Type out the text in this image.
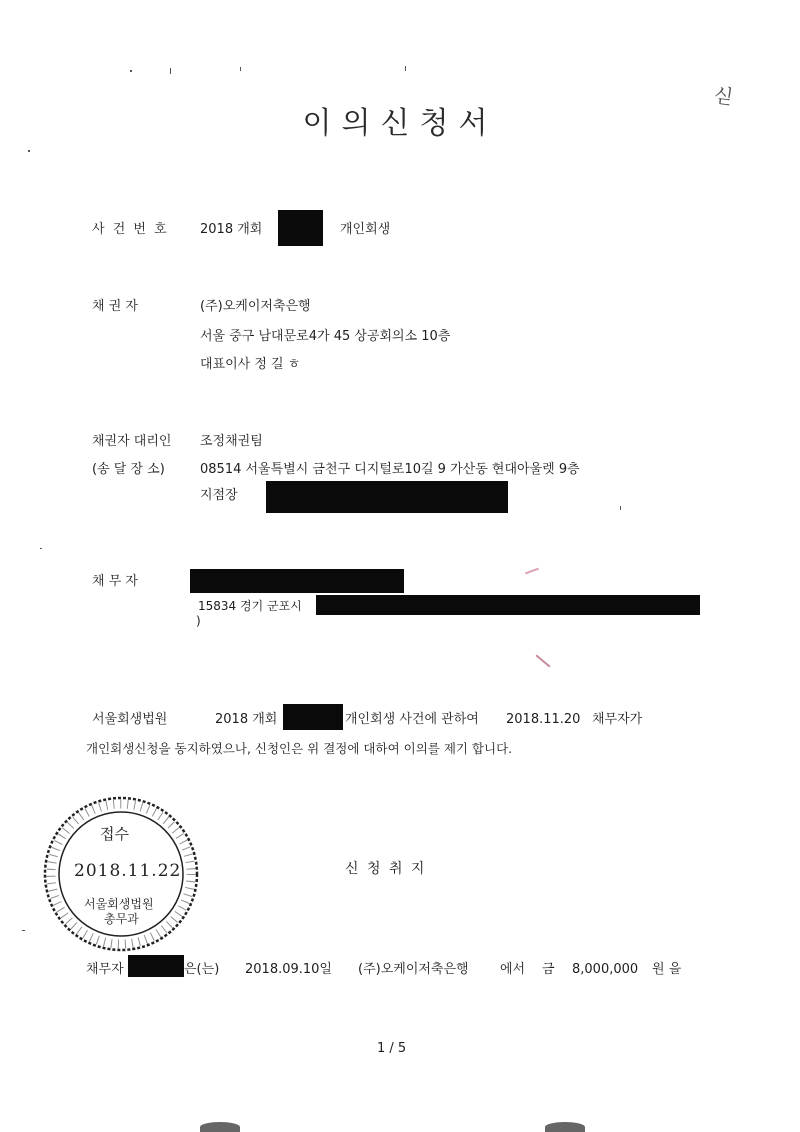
싣
이의신청서
사 건 번 호 2018 개회	개인회생
채 권 자	(주)오케이저축은행
서울 중구 남대문로4가 45 상공회의소 10층
대표이사 정 길 ㅎ
채권자 대리인 조정채권팀
(송 달 장 소)	08514 서울특별시 금천구 디지털로10길 9 가산동 현대아울렛 9층
지점장
채 무 자
15834 경기 군포시
)
서울회생법원	2018 개회	개인회생 사건에 관하여 2018.11.20 채무자가
개인회생신청을 동지하였으나, 신청인은 위 결정에 대하여 이의를 제기 합니다.
접수
2018.11.22
서울회생법원
총무과
신 청 취 지
채무자	은(는) 2018.09.10일 (주)오케이저축은행 에서 금 8,000,000 원 을
1 / 5
